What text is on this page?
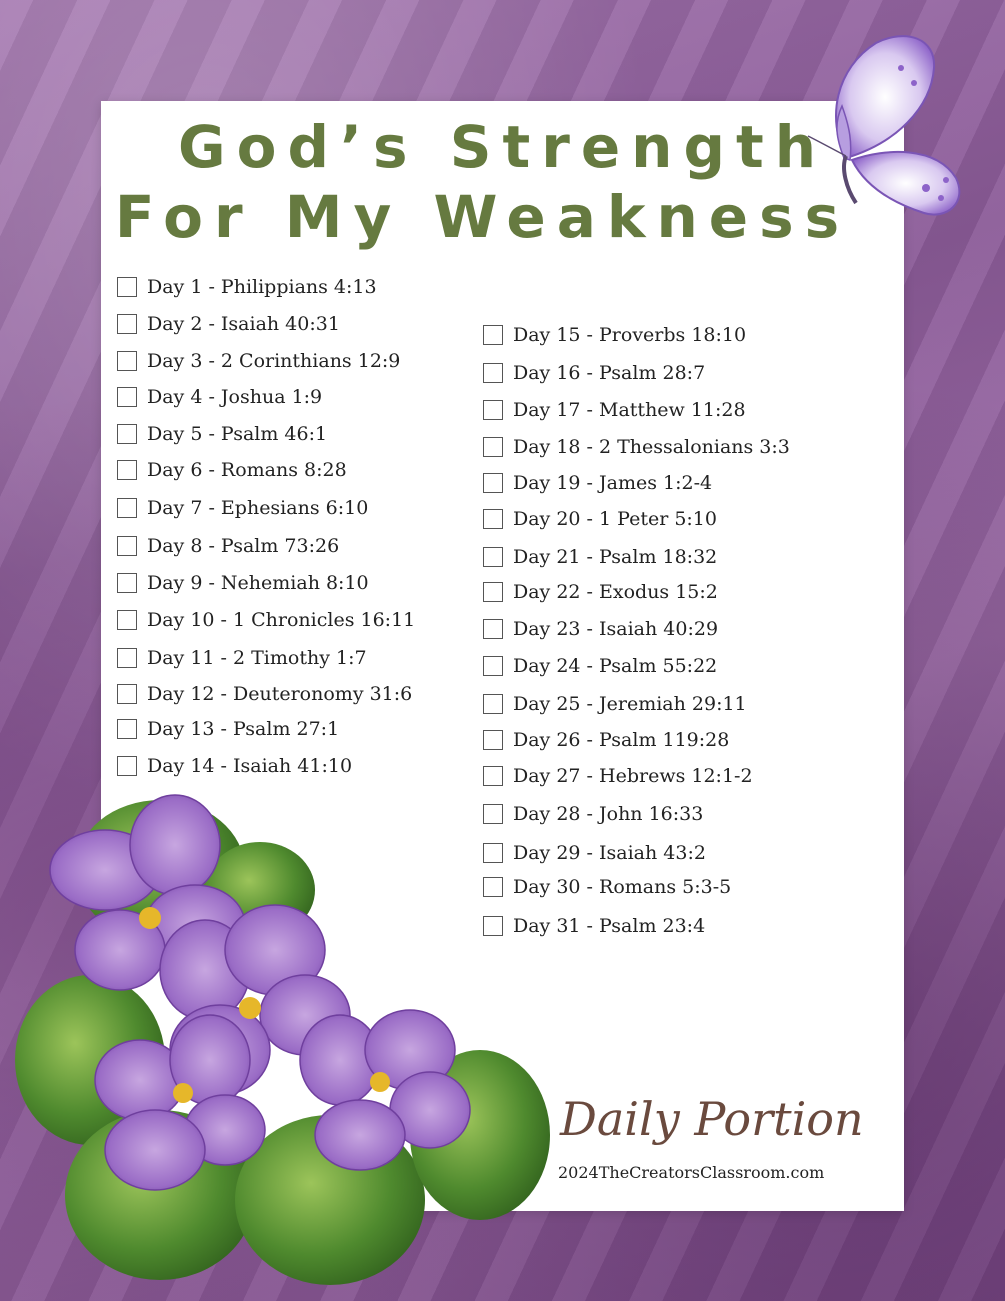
God’s Strength

For My Weakness
Day 1 - Philippians 4:13
Day 2 - Isaiah 40:31
Day 3 - 2 Corinthians 12:9
Day 4 - Joshua 1:9
Day 5 - Psalm 46:1
Day 6 - Romans 8:28
Day 7 - Ephesians 6:10
Day 8 - Psalm 73:26
Day 9 - Nehemiah 8:10
Day 10 - 1 Chronicles 16:11
Day 11 - 2 Timothy 1:7
Day 12 - Deuteronomy 31:6
Day 13 - Psalm 27:1
Day 14 - Isaiah 41:10
Day 15 - Proverbs 18:10
Day 16 - Psalm 28:7
Day 17 - Matthew 11:28
Day 18 - 2 Thessalonians 3:3
Day 19 - James 1:2-4
Day 20 - 1 Peter 5:10
Day 21 - Psalm 18:32
Day 22 - Exodus 15:2
Day 23 - Isaiah 40:29
Day 24 - Psalm 55:22
Day 25 - Jeremiah 29:11
Day 26 - Psalm 119:28
Day 27 - Hebrews 12:1-2
Day 28 - John 16:33
Day 29 - Isaiah 43:2
Day 30 - Romans 5:3-5
Day 31 - Psalm 23:4
Daily Portion
2024TheCreatorsClassroom.com
